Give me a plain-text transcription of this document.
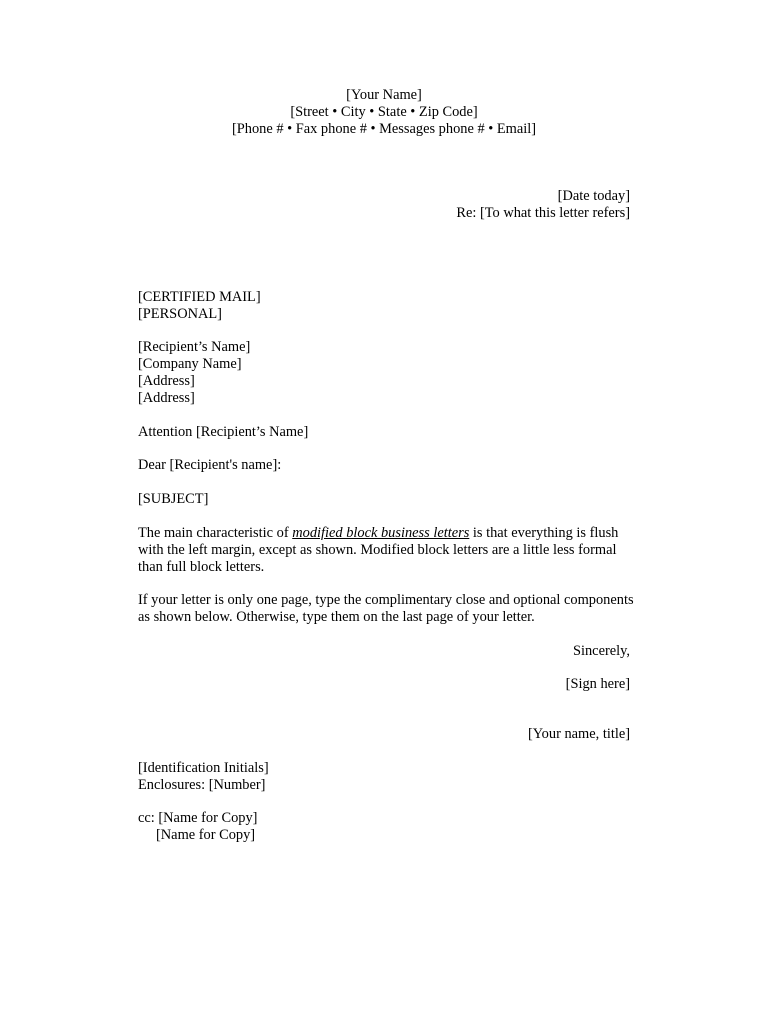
[Your Name]
[Street • City • State • Zip Code]
[Phone # • Fax phone # • Messages phone # • Email]
[Date today]
Re: [To what this letter refers]
[CERTIFIED MAIL]
[PERSONAL]
[Recipient’s Name]
[Company Name]
[Address]
[Address]
Attention [Recipient’s Name]
Dear [Recipient's name]:
[SUBJECT]
The main characteristic of modified block business letters is that everything is flush
with the left margin, except as shown. Modified block letters are a little less formal
than full block letters.
If your letter is only one page, type the complimentary close and optional components
as shown below. Otherwise, type them on the last page of your letter.
Sincerely,
[Sign here]
[Your name, title]
[Identification Initials]
Enclosures: [Number]
cc: [Name for Copy]
[Name for Copy]
